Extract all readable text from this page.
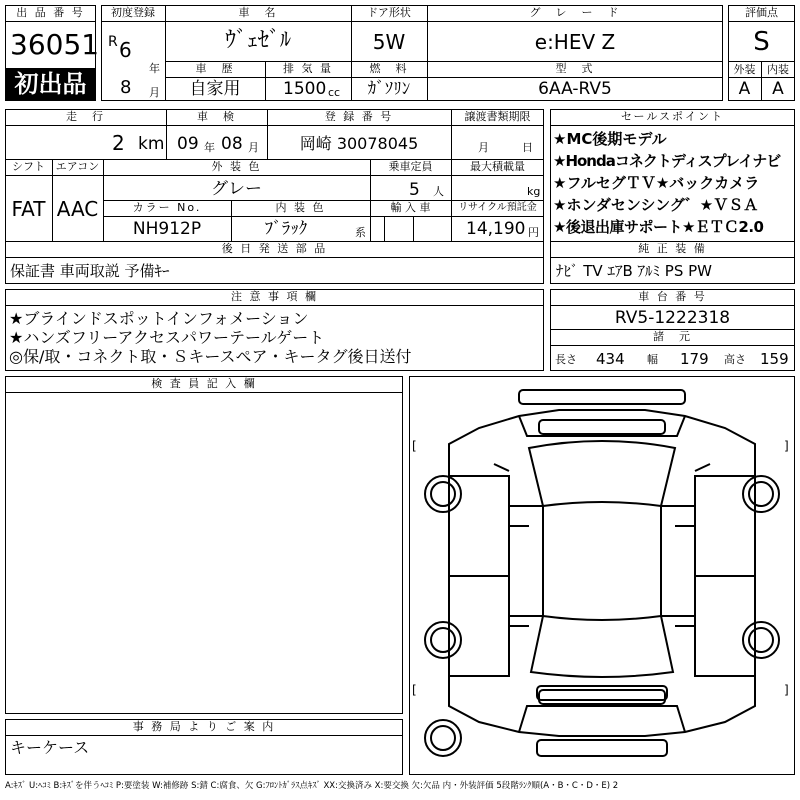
出 品 番 号
36051
初出品
初度登録
R 6
年
8 月
車　名
ｳﾞｪｾﾞﾙ
ドア形状
5W
グ　レ　ー　ド
e:HEV Z
車　歴
自家用
排 気 量
1500 cc
燃　料
ｶﾞｿﾘﾝ
型　式
6AA-RV5
評価点
S
外装	内装
A	A
走　行
2 km
車　検
09 年 08 月
登 録 番 号
岡崎 30078045
譲渡書類期限
月	日
シフト
FAT
エアコン
AAC
外 装 色
グレー
乗車定員
5 人
最大積載量
kg
カラー No.
NH912P
内 装 色
ﾌﾞﾗｯｸ	系
輸 入 車	リサイクル預託金
14,190 円
後 日 発 送 部 品
保証書 車両取説 予備ｷｰ
セールスポイント
★MC後期モデル
★Hondaコネクトディスプレイナビ
★フルセグＴＶ★バックカメラ
★ホンダセンシング゛★ＶＳＡ
★後退出庫サポート★ＥＴＣ2.0
純 正 装 備
ﾅﾋﾞ TV ｴｱB ｱﾙﾐ PS PW
注 意 事 項 欄
★ブラインドスポットインフォメーション
★ハンズフリーアクセスパワーテールゲート
◎保/取・コネクト取・Ｓキースペア・キータグ後日送付
車 台 番 号
RV5-1222318
諸　元
長さ 434 幅 179 高さ 159
検 査 員 記 入 欄
事 務 局 よ り ご 案 内
キーケース
[	]
[	]
A:ｷｽﾞ U:ﾍｺﾐ B:ｷｽﾞを伴うﾍｺﾐ P:要塗装 W:補修跡 S:錆 C:腐食、欠 G:ﾌﾛﾝﾄｶﾞﾗｽ点ｷｽﾞ XX:交換済み X:要交換 欠:欠品 内・外装評価 5段階ﾗﾝｸ順(A・B・C・D・E) 2
